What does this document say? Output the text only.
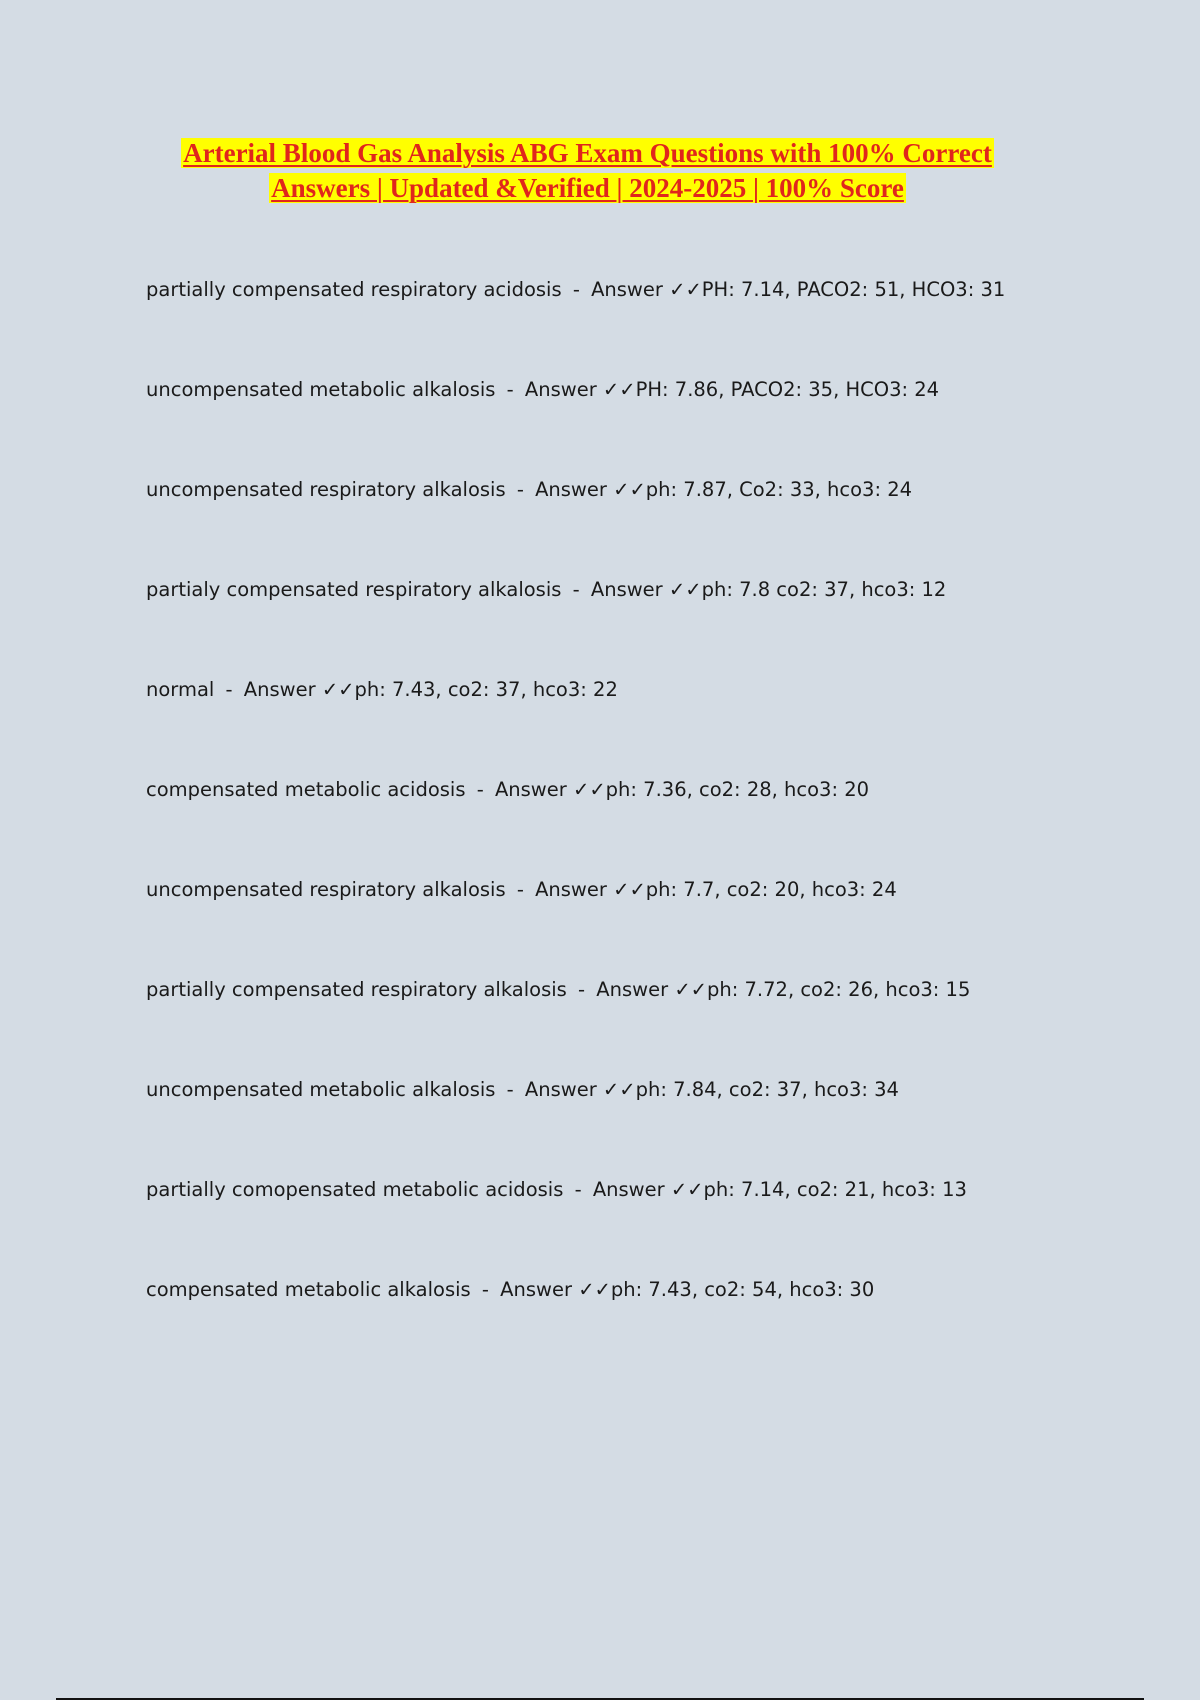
Arterial Blood Gas Analysis ABG Exam Questions with 100% Correct
Answers | Updated &Verified | 2024-2025 | 100% Score
partially compensated respiratory acidosis - Answer ✓✓PH: 7.14, PACO2: 51, HCO3: 31
uncompensated metabolic alkalosis - Answer ✓✓PH: 7.86, PACO2: 35, HCO3: 24
uncompensated respiratory alkalosis - Answer ✓✓ph: 7.87, Co2: 33, hco3: 24
partialy compensated respiratory alkalosis - Answer ✓✓ph: 7.8 co2: 37, hco3: 12
normal - Answer ✓✓ph: 7.43, co2: 37, hco3: 22
compensated metabolic acidosis - Answer ✓✓ph: 7.36, co2: 28, hco3: 20
uncompensated respiratory alkalosis - Answer ✓✓ph: 7.7, co2: 20, hco3: 24
partially compensated respiratory alkalosis - Answer ✓✓ph: 7.72, co2: 26, hco3: 15
uncompensated metabolic alkalosis - Answer ✓✓ph: 7.84, co2: 37, hco3: 34
partially comopensated metabolic acidosis - Answer ✓✓ph: 7.14, co2: 21, hco3: 13
compensated metabolic alkalosis - Answer ✓✓ph: 7.43, co2: 54, hco3: 30
